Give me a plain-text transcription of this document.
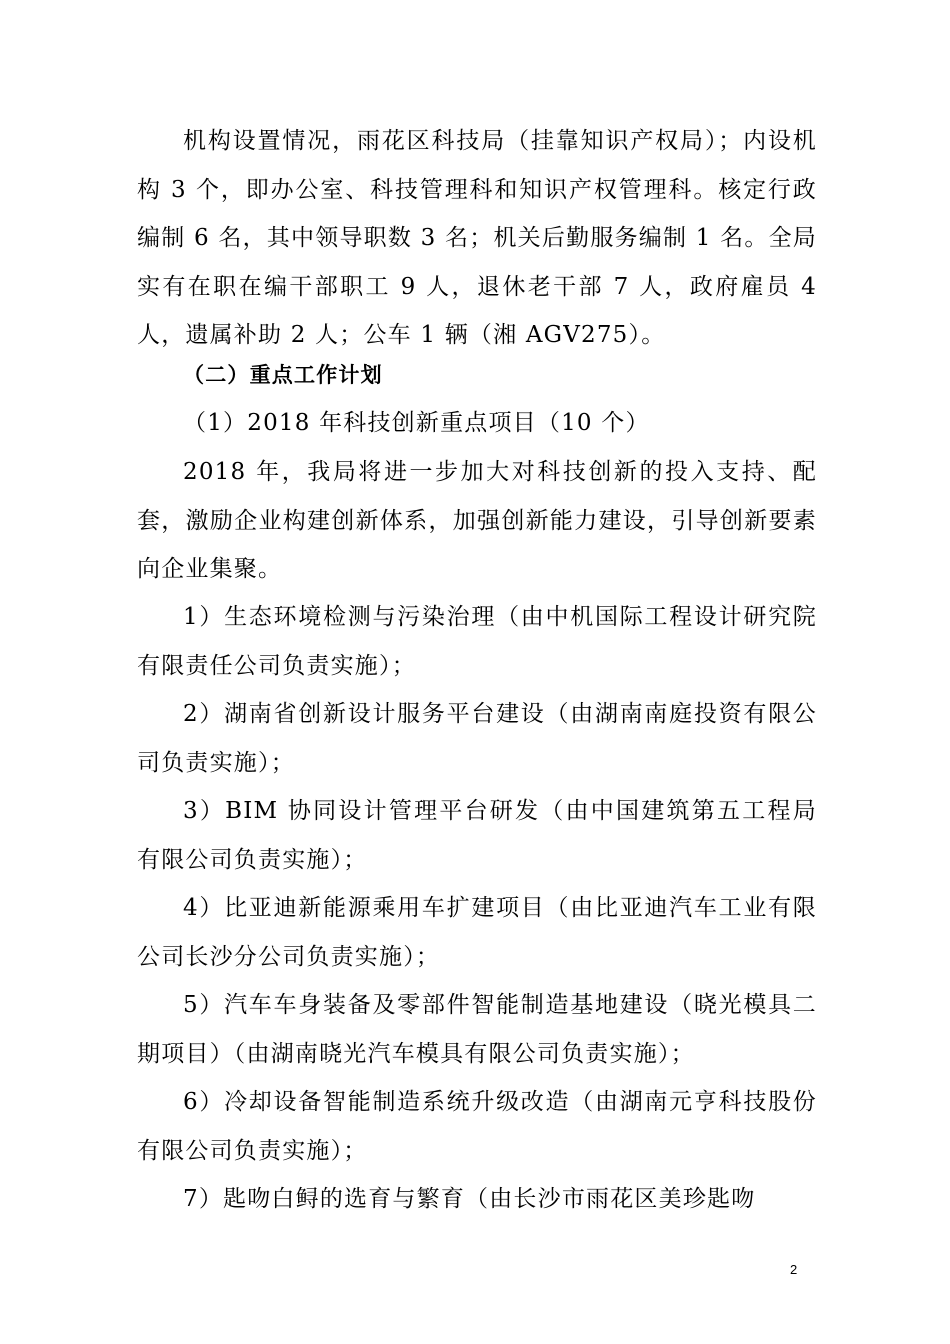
机构设置情况，雨花区科技局（挂靠知识产权局）；内设机构 3 个，即办公室、科技管理科和知识产权管理科。核定行政编制 6 名，其中领导职数 3 名；机关后勤服务编制 1 名。全局实有在职在编干部职工 9 人，退休老干部 7 人，政府雇员 4 人，遗属补助 2 人；公车 1 辆（湘 AGV275）。

（二）重点工作计划

（1）2018 年科技创新重点项目（10 个）

2018 年，我局将进一步加大对科技创新的投入支持、配套，激励企业构建创新体系，加强创新能力建设，引导创新要素向企业集聚。

1）生态环境检测与污染治理（由中机国际工程设计研究院有限责任公司负责实施）；

2）湖南省创新设计服务平台建设（由湖南南庭投资有限公司负责实施）；

3）BIM 协同设计管理平台研发（由中国建筑第五工程局有限公司负责实施）；

4）比亚迪新能源乘用车扩建项目（由比亚迪汽车工业有限公司长沙分公司负责实施）；

5）汽车车身装备及零部件智能制造基地建设（晓光模具二期项目）（由湖南晓光汽车模具有限公司负责实施）；

6）冷却设备智能制造系统升级改造（由湖南元亨科技股份有限公司负责实施）；

7）匙吻白鲟的选育与繁育（由长沙市雨花区美珍匙吻

2
